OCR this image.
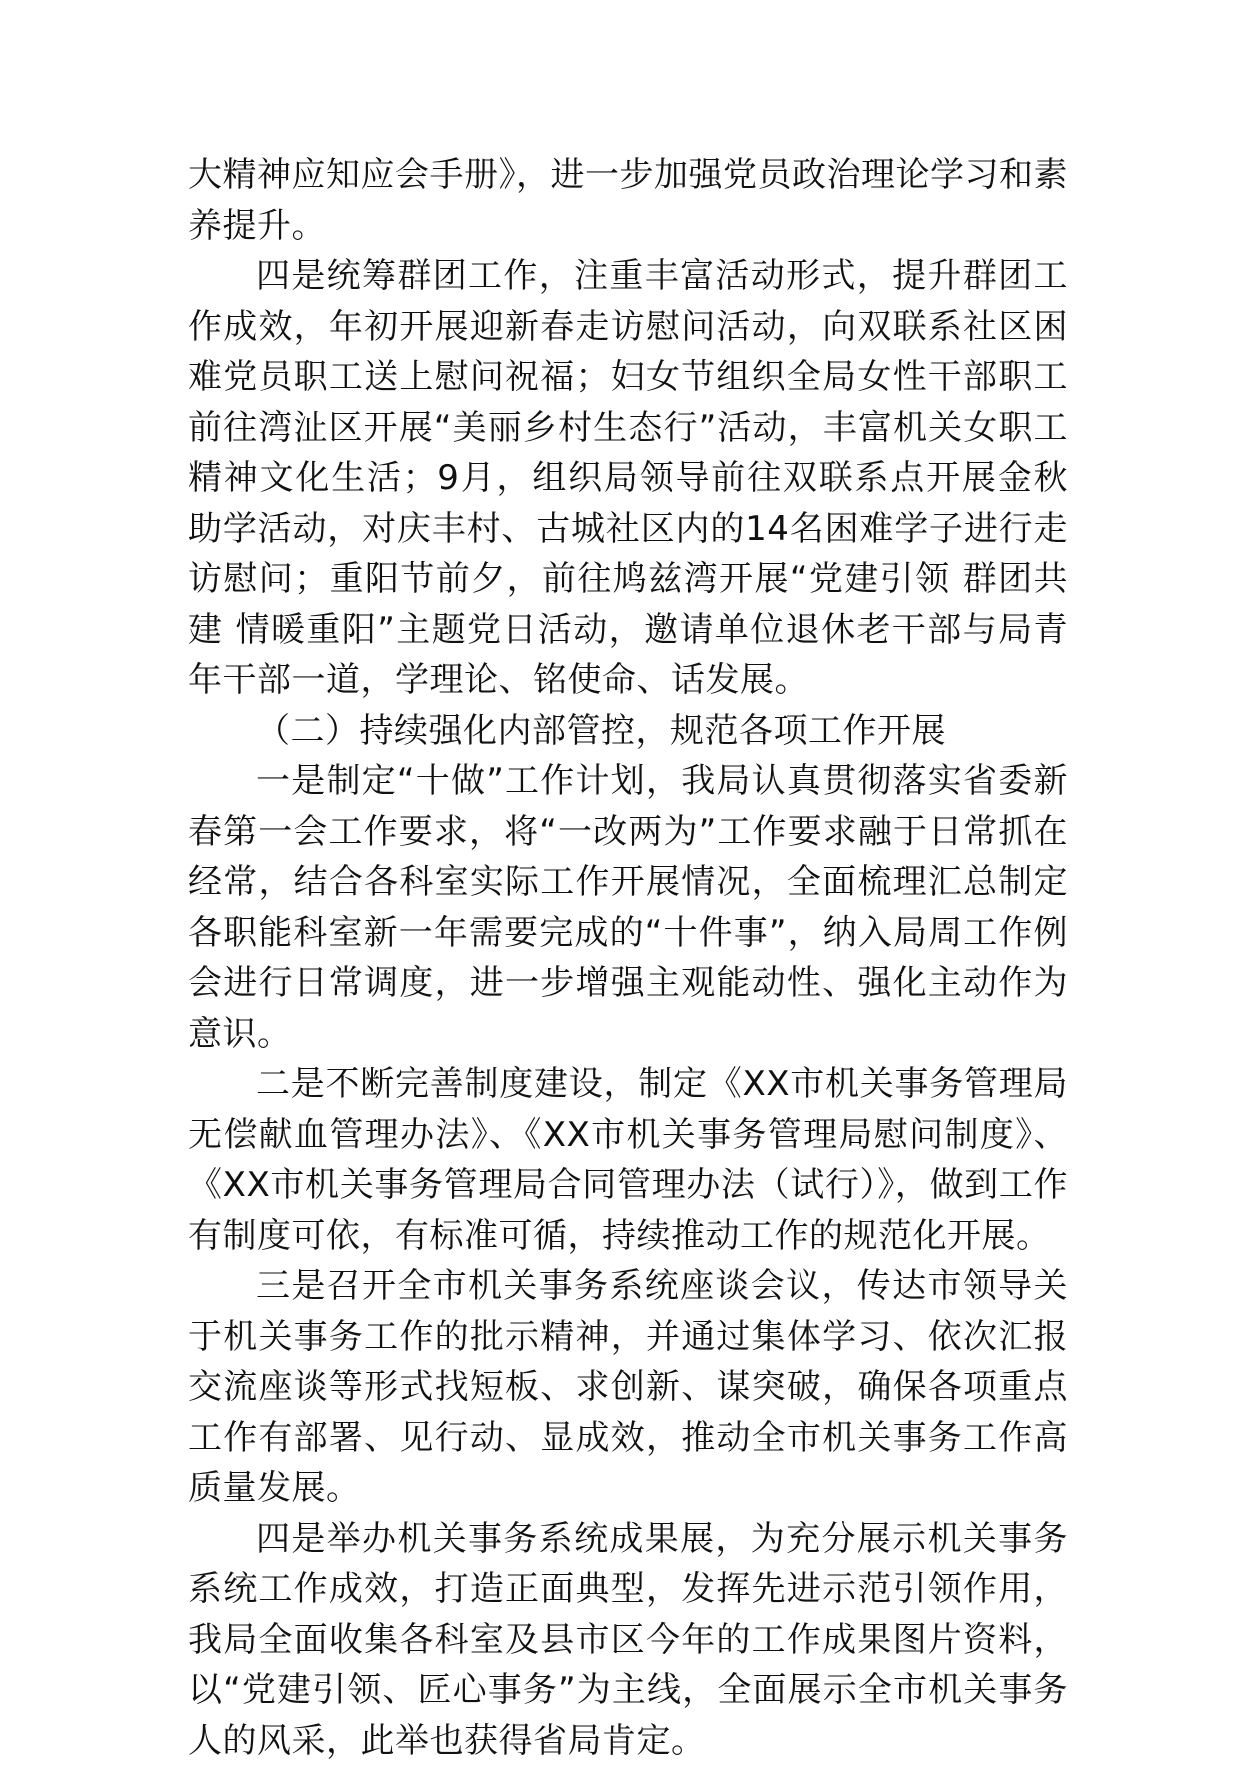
大精神应知应会手册》，进一步加强党员政治理论学习和素养提升。

四是统筹群团工作，注重丰富活动形式，提升群团工作成效，年初开展迎新春走访慰问活动，向双联系社区困难党员职工送上慰问祝福；妇女节组织全局女性干部职工前往湾沚区开展“美丽乡村生态行”活动，丰富机关女职工精神文化生活；9月，组织局领导前往双联系点开展金秋助学活动，对庆丰村、古城社区内的14名困难学子进行走访慰问；重阳节前夕，前往鸠兹湾开展“党建引领 群团共建 情暖重阳”主题党日活动，邀请单位退休老干部与局青年干部一道，学理论、铭使命、话发展。

（二）持续强化内部管控，规范各项工作开展

一是制定“十做”工作计划，我局认真贯彻落实省委新春第一会工作要求，将“一改两为”工作要求融于日常抓在经常，结合各科室实际工作开展情况，全面梳理汇总制定各职能科室新一年需要完成的“十件事”，纳入局周工作例会进行日常调度，进一步增强主观能动性、强化主动作为意识。

二是不断完善制度建设，制定《XX市机关事务管理局无偿献血管理办法》、《XX市机关事务管理局慰问制度》、《XX市机关事务管理局合同管理办法（试行）》，做到工作有制度可依，有标准可循，持续推动工作的规范化开展。

三是召开全市机关事务系统座谈会议，传达市领导关于机关事务工作的批示精神，并通过集体学习、依次汇报交流座谈等形式找短板、求创新、谋突破，确保各项重点工作有部署、见行动、显成效，推动全市机关事务工作高质量发展。

四是举办机关事务系统成果展，为充分展示机关事务系统工作成效，打造正面典型，发挥先进示范引领作用，我局全面收集各科室及县市区今年的工作成果图片资料，以“党建引领、匠心事务”为主线，全面展示全市机关事务人的风采，此举也获得省局肯定。
